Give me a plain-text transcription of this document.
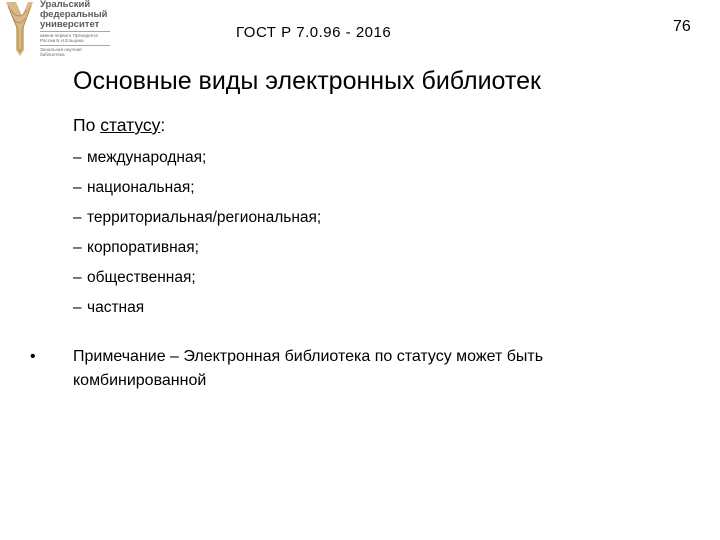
Уральский
федеральный
университет
имени первого Президента
России Б.Н.Ельцина
Зональная научная
библиотека
ГОСТ Р 7.0.96 - 2016	76
Основные виды электронных библиотек
По статусу:
– международная;
– национальная;
– территориальная/региональная;
– корпоративная;
– общественная;
– частная
•	Примечание – Электронная библиотека по статусу может быть комбинированной
